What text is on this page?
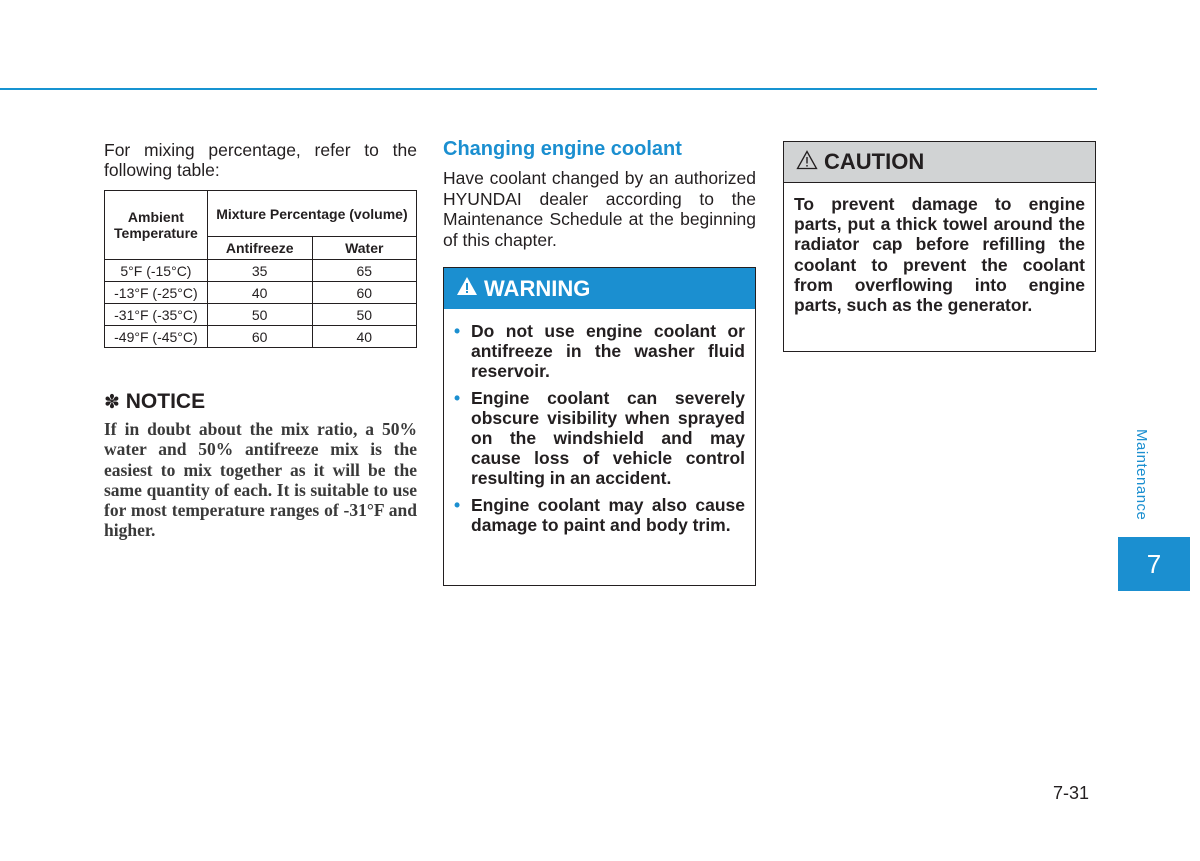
For mixing percentage, refer to the following table:

Ambient Temperature	Mixture Percentage (volume)	
	Antifreeze	Water
5°F (-15°C)	35	65
-13°F (-25°C)	40	60
-31°F (-35°C)	50	50
-49°F (-45°C)	60	40
✽ NOTICE

If in doubt about the mix ratio, a 50% water and 50% antifreeze mix is the easiest to mix together as it will be the same quantity of each. It is suitable to use for most temperature ranges of -31°F and higher.

Changing engine coolant

Have coolant changed by an authorized HYUNDAI dealer according to the Maintenance Schedule at the beginning of this chapter.

WARNING
• Do not use engine coolant or antifreeze in the washer fluid reservoir.
• Engine coolant can severely obscure visibility when sprayed on the windshield and may cause loss of vehicle control resulting in an accident.
• Engine coolant may also cause damage to paint and body trim.
CAUTION

To prevent damage to engine parts, put a thick towel around the radiator cap before refilling the coolant to prevent the coolant from overflowing into engine parts, such as the generator.

Maintenance
7
7-31
